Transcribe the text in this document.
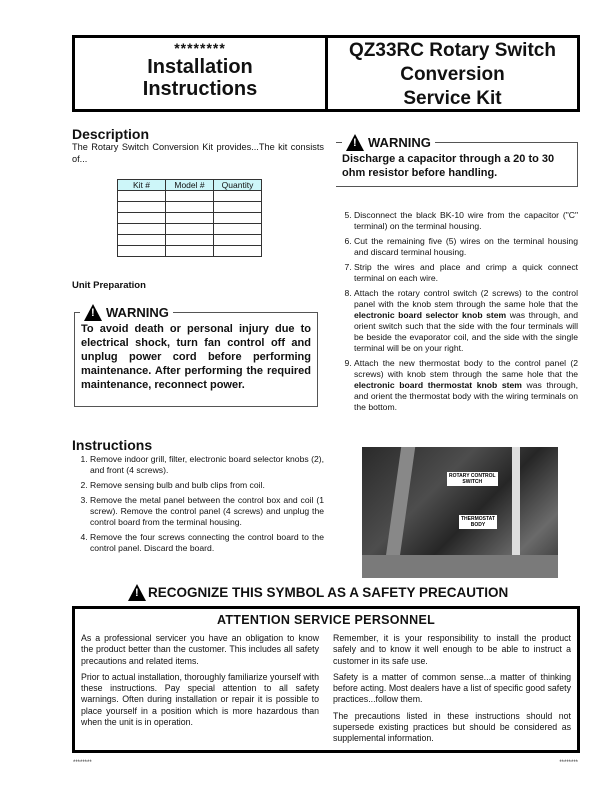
********
Installation
Instructions
QZ33RC Rotary Switch
Conversion
Service Kit
Description
The Rotary Switch Conversion Kit provides...The kit consists of...
Kit #	Model #	Quantity

Unit Preparation
!
WARNING
To avoid death or personal injury due to electrical shock, turn fan control off and unplug power cord before performing maintenance. After performing the required maintenance, reconnect power.
Instructions
1. Remove indoor grill, filter, electronic board selector knobs (2), and front (4 screws).
2. Remove sensing bulb and bulb clips from coil.
3. Remove the metal panel between the control box and coil (1 screw). Remove the control panel (4 screws) and unplug the control board from the terminal housing.
4. Remove the four screws connecting the control board to the control panel. Discard the board.
!
WARNING
Discharge a capacitor through a 20 to 30 ohm resistor before handling.
5. Disconnect the black BK-10 wire from the capacitor ("C" terminal) on the terminal housing.
6. Cut the remaining five (5) wires on the terminal housing and discard terminal housing.
7. Strip the wires and place and crimp a quick connect terminal on each wire.
8. Attach the rotary control switch (2 screws) to the control panel with the knob stem through the same hole that the electronic board selector knob stem was through, and orient switch such that the side with the four terminals will be beside the evaporator coil, and the side with the single terminal will be on your right.
9. Attach the new thermostat body to the control panel (2 screws) with knob stem through the same hole that the electronic board thermostat knob stem was through, and orient the thermostat body with the wiring terminals on the bottom.
ROTARY CONTROL
SWITCH
THERMOSTAT
BODY
!
RECOGNIZE THIS SYMBOL AS A SAFETY PRECAUTION
ATTENTION SERVICE PERSONNEL
As a professional servicer you have an obligation to know the product better than the customer. This includes all safety precautions and related items.
Prior to actual installation, thoroughly familiarize yourself with these instructions. Pay special attention to all safety warnings. Often during installation or repair it is possible to place yourself in a position which is more hazardous than when the unit is in operation.
Remember, it is your responsibility to install the product safely and to know it well enough to be able to instruct a customer in its safe use.
Safety is a matter of common sense...a matter of thinking before acting. Most dealers have a list of specific good safety practices...follow them.
The precautions listed in these instructions should not supersede existing practices but should be considered as supplemental information.
********	********
